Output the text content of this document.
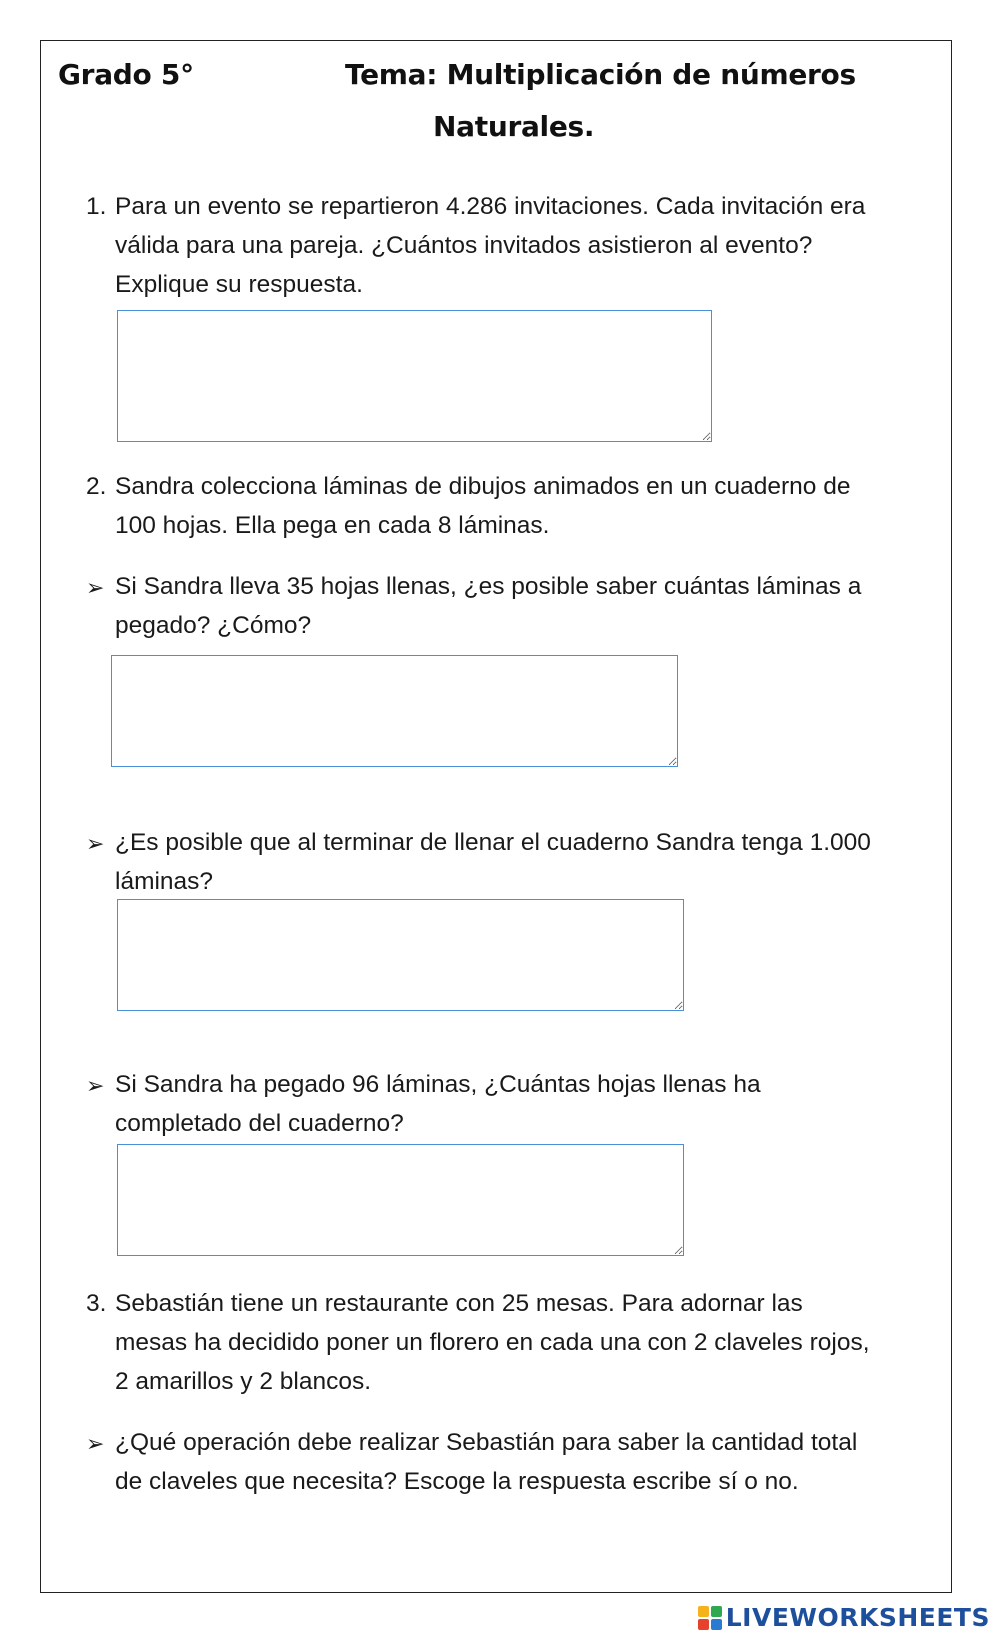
Grado 5°	Tema: Multiplicación de números
Naturales.
1. Para un evento se repartieron 4.286 invitaciones. Cada invitación era
válida para una pareja. ¿Cuántos invitados asistieron al evento?
Explique su respuesta.
2. Sandra colecciona láminas de dibujos animados en un cuaderno de
100 hojas. Ella pega en cada 8 láminas.
➢ Si Sandra lleva 35 hojas llenas, ¿es posible saber cuántas láminas a
pegado? ¿Cómo?
➢ ¿Es posible que al terminar de llenar el cuaderno Sandra tenga 1.000
láminas?
➢ Si Sandra ha pegado 96 láminas, ¿Cuántas hojas llenas ha
completado del cuaderno?
3. Sebastián tiene un restaurante con 25 mesas. Para adornar las
mesas ha decidido poner un florero en cada una con 2 claveles rojos,
2 amarillos y 2 blancos.
➢ ¿Qué operación debe realizar Sebastián para saber la cantidad total
de claveles que necesita? Escoge la respuesta escribe sí o no.
LIVEWORKSHEETS
